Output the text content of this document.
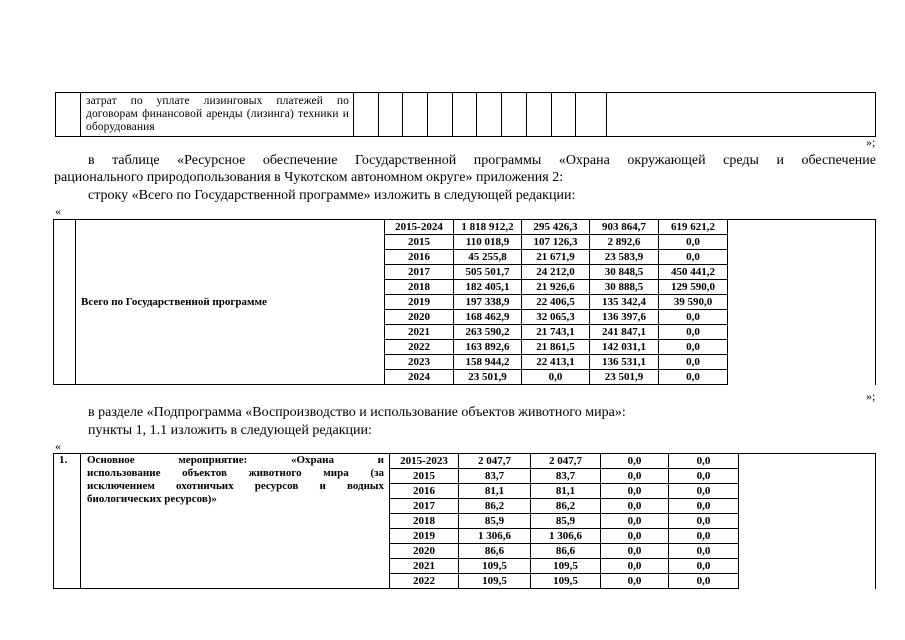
	затрат по уплате лизинговых платежей по договорам финансовой аренды (лизинга) техники и оборудования											
»;
в таблице «Ресурсное обеспечение Государственной программы «Охрана окружающей среды и обеспечение
рационального природопользования в Чукотском автономном округе» приложения 2:
строку «Всего по Государственной программе» изложить в следующей редакции:
«
	Всего по Государственной программе	2015-2024	1 818 912,2	295 426,3	903 864,7	619 621,2	
		2015	110 018,9	107 126,3	2 892,6	0,0	
		2016	45 255,8	21 671,9	23 583,9	0,0	
		2017	505 501,7	24 212,0	30 848,5	450 441,2	
		2018	182 405,1	21 926,6	30 888,5	129 590,0	
		2019	197 338,9	22 406,5	135 342,4	39 590,0	
		2020	168 462,9	32 065,3	136 397,6	0,0	
		2021	263 590,2	21 743,1	241 847,1	0,0	
		2022	163 892,6	21 861,5	142 031,1	0,0	
		2023	158 944,2	22 413,1	136 531,1	0,0	
		2024	23 501,9	0,0	23 501,9	0,0	
»;
в разделе «Подпрограмма «Воспроизводство и использование объектов животного мира»:
пункты 1, 1.1 изложить в следующей редакции:
«
1.	Основное мероприятие: «Охрана и
использование объектов животного мира (за
исключением охотничьих ресурсов и водных
биологических ресурсов)»	2015-2023	2 047,7	2 047,7	0,0	0,0	
		2015	83,7	83,7	0,0	0,0	
		2016	81,1	81,1	0,0	0,0	
		2017	86,2	86,2	0,0	0,0	
		2018	85,9	85,9	0,0	0,0	
		2019	1 306,6	1 306,6	0,0	0,0	
		2020	86,6	86,6	0,0	0,0	
		2021	109,5	109,5	0,0	0,0	
		2022	109,5	109,5	0,0	0,0	
